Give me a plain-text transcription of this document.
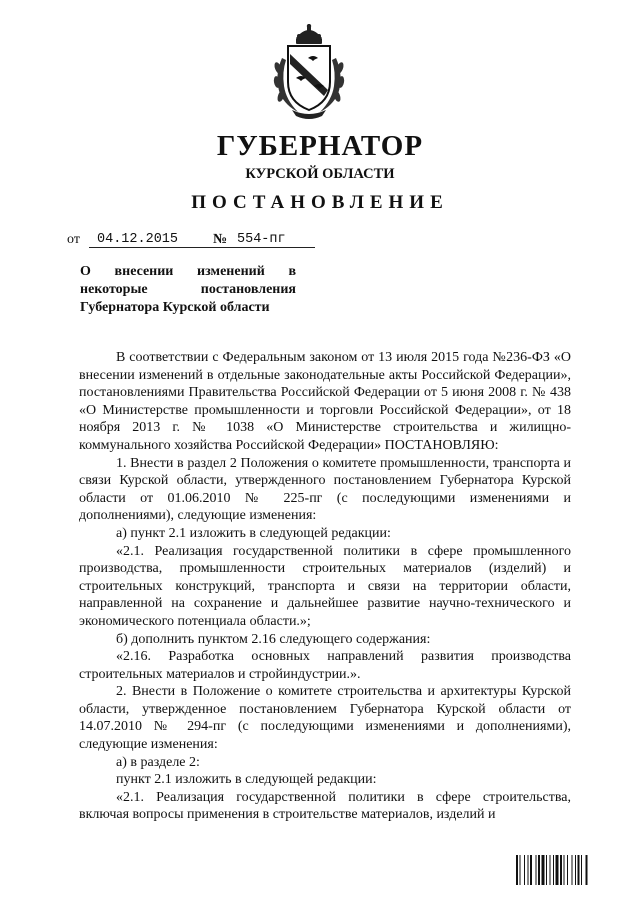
ГУБЕРНАТОР
КУРСКОЙ ОБЛАСТИ
ПОСТАНОВЛЕНИЕ
от	04.12.2015	№ 554-пг
О внесении изменений в
некоторые постановления
Губернатора Курской области

В соответствии с Федеральным законом от 13 июля 2015 года №236-ФЗ «О внесении изменений в отдельные законодательные акты Российской Федерации», постановлениями Правительства Российской Федерации от 5 июня 2008 г. № 438 «О Министерстве промышленности и торговли Российской Федерации», от 18 ноября 2013 г. № 1038 «О Министерстве строительства и жилищно-коммунального хозяйства Российской Федерации» ПОСТАНОВЛЯЮ:

1. Внести в раздел 2 Положения о комитете промышленности, транспорта и связи Курской области, утвержденного постановлением Губернатора Курской области от 01.06.2010 № 225-пг (с последующими изменениями и дополнениями), следующие изменения:

а) пункт 2.1 изложить в следующей редакции:

«2.1. Реализация государственной политики в сфере промышленного производства, промышленности строительных материалов (изделий) и строительных конструкций, транспорта и связи на территории области, направленной на сохранение и дальнейшее развитие научно-технического и экономического потенциала области.»;

б) дополнить пунктом 2.16 следующего содержания:

«2.16. Разработка основных направлений развития производства строительных материалов и стройиндустрии.».

2. Внести в Положение о комитете строительства и архитектуры Курской области, утвержденное постановлением Губернатора Курской области от 14.07.2010 № 294-пг (с последующими изменениями и дополнениями), следующие изменения:

а) в разделе 2:

пункт 2.1 изложить в следующей редакции:

«2.1. Реализация государственной политики в сфере строительства, включая вопросы применения в строительстве материалов, изделий и
